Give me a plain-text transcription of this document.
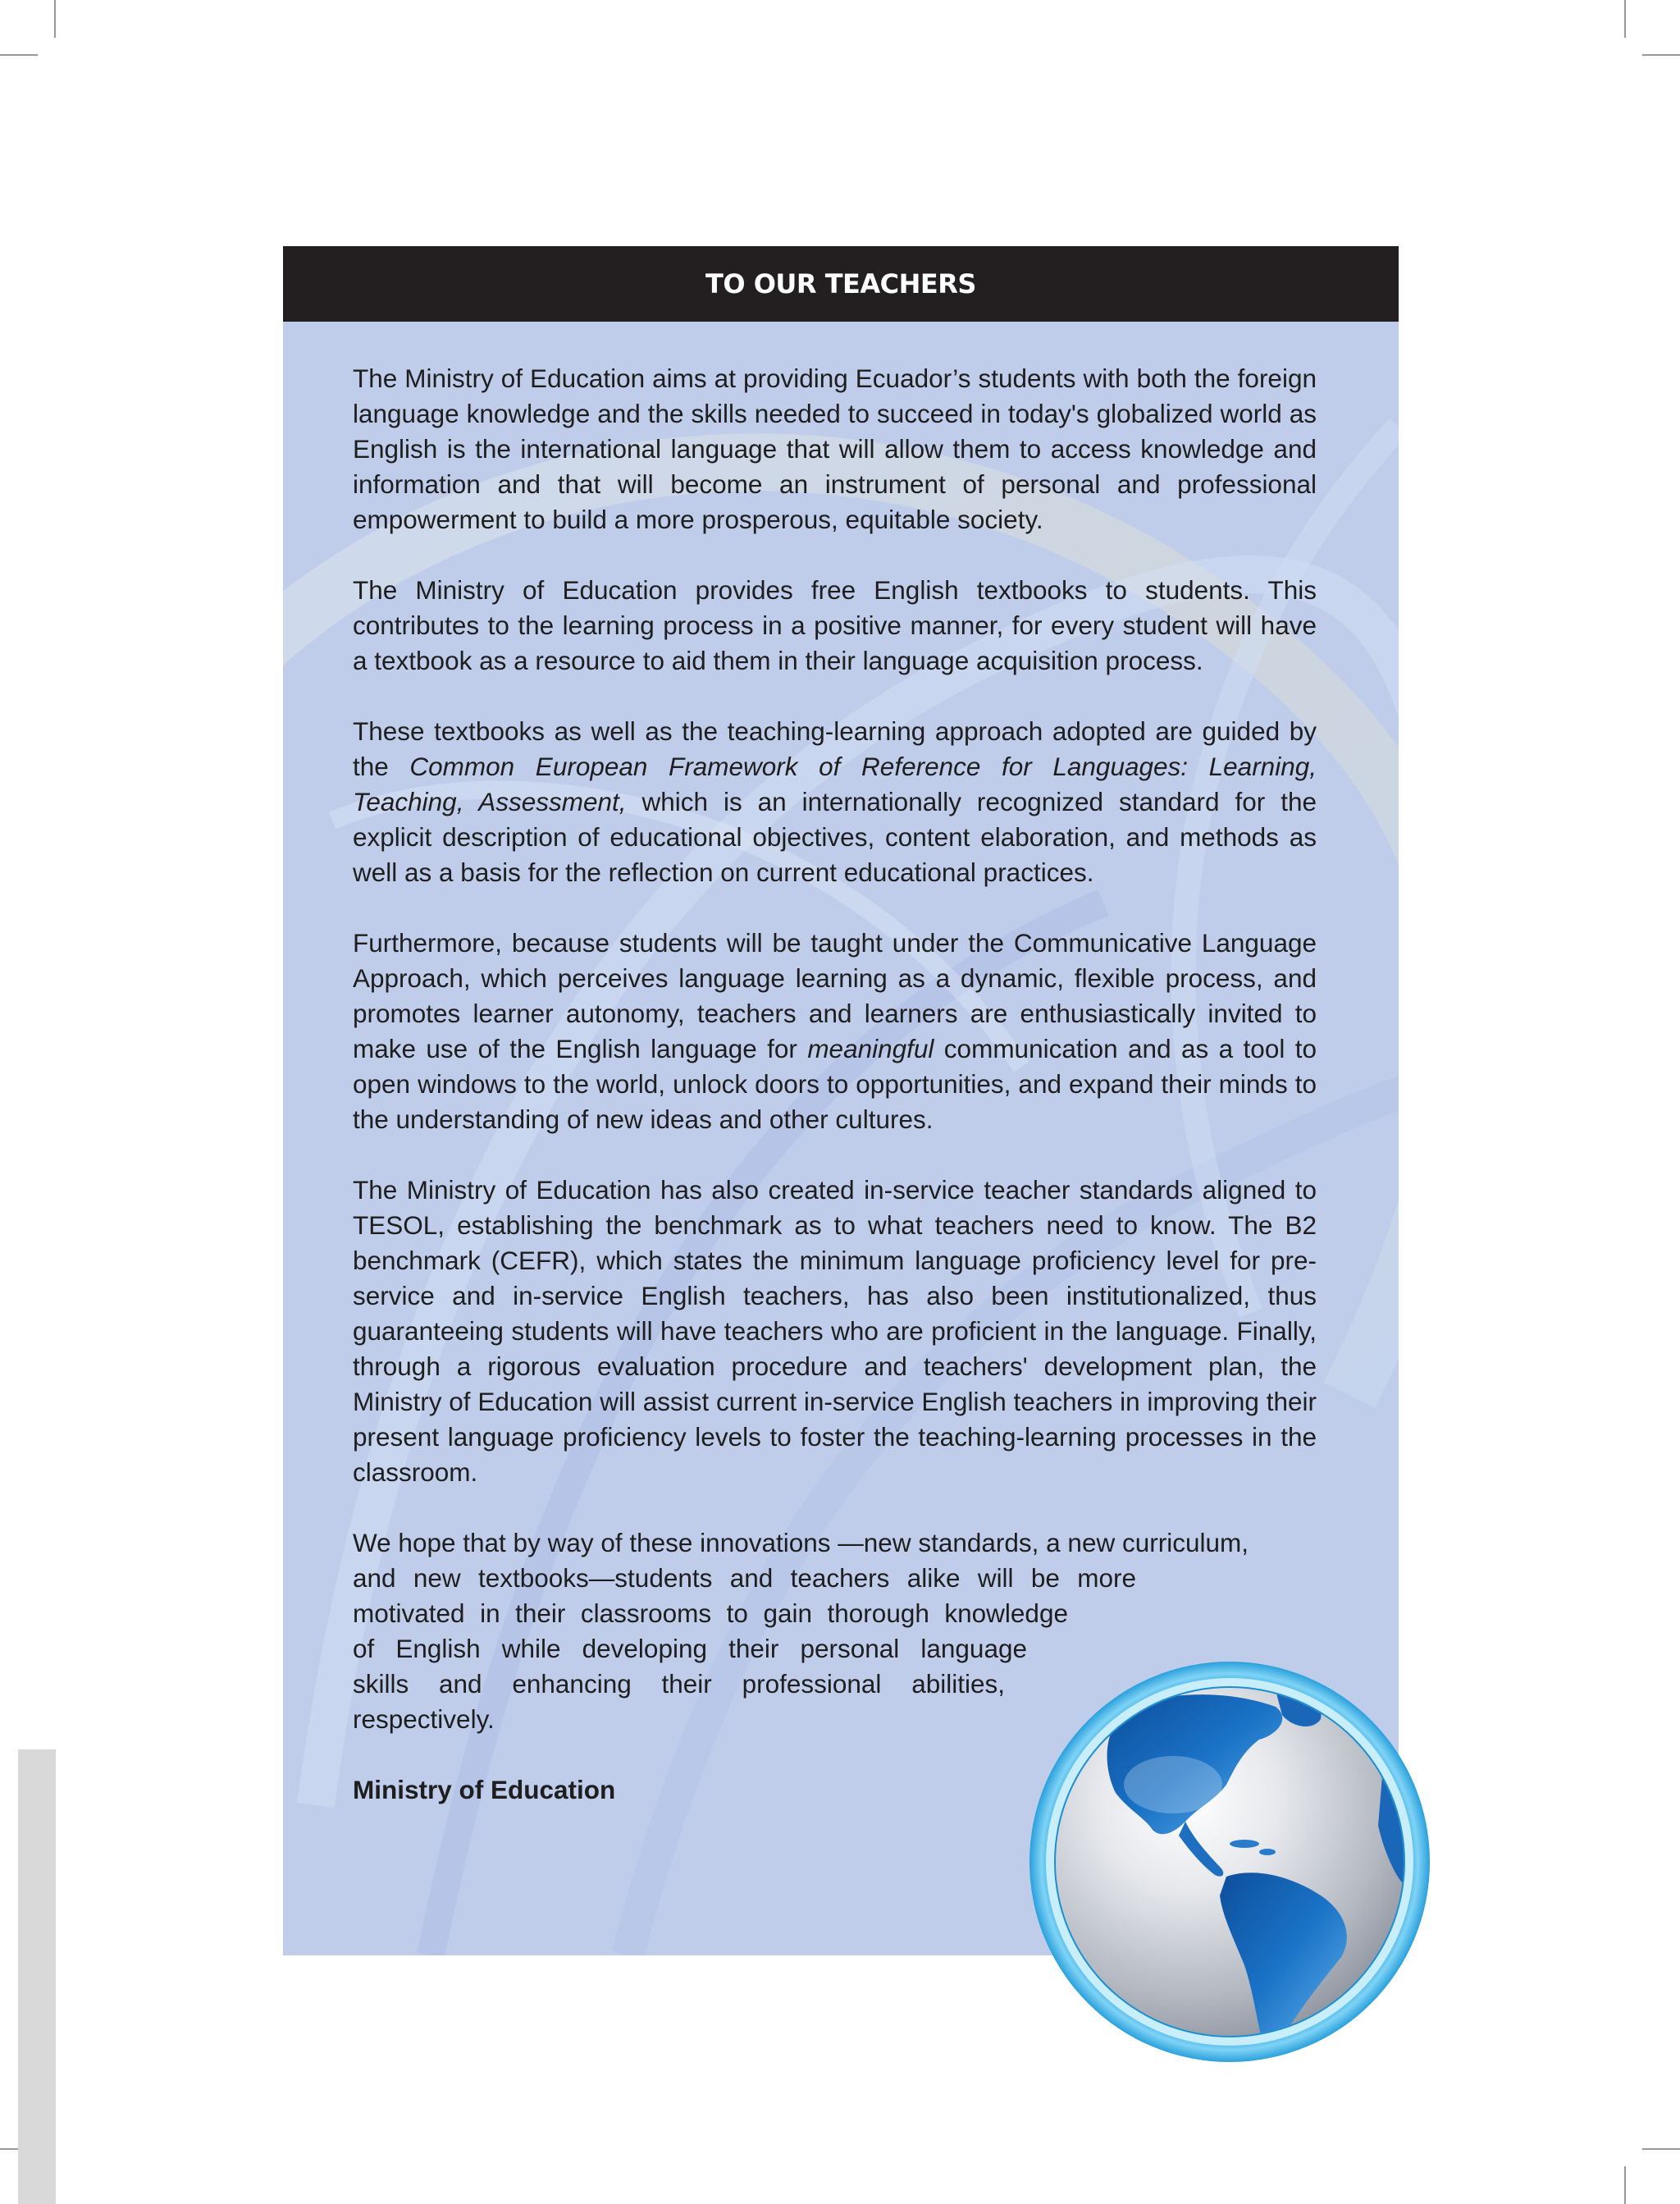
TO OUR TEACHERS

The Ministry of Education aims at providing Ecuador’s students with both the foreign language knowledge and the skills needed to succeed in today's globalized world as English is the international language that will allow them to access knowledge and information and that will become an instrument of personal and professional empowerment to build a more prosperous, equitable society.

The Ministry of Education provides free English textbooks to students. This contributes to the learning process in a positive manner, for every student will have a textbook as a resource to aid them in their language acquisition process.

These textbooks as well as the teaching-learning approach adopted are guided by the Common European Framework of Reference for Languages: Learning, Teaching, Assessment, which is an internationally recognized standard for the explicit description of educational objectives, content elaboration, and methods as well as a basis for the reflection on current educational practices.

Furthermore, because students will be taught under the Communicative Language Approach, which perceives language learning as a dynamic, flexible process, and promotes learner autonomy, teachers and learners are enthusiastically invited to make use of the English language for meaningful communication and as a tool to open windows to the world, unlock doors to opportunities, and expand their minds to the understanding of new ideas and other cultures.

The Ministry of Education has also created in-service teacher standards aligned to TESOL, establishing the benchmark as to what teachers need to know. The B2 benchmark (CEFR), which states the minimum language proficiency level for pre-service and in-service English teachers, has also been institutionalized, thus guaranteeing students will have teachers who are proficient in the language. Finally, through a rigorous evaluation procedure and teachers' development plan, the Ministry of Education will assist current in-service English teachers in improving their present language proficiency levels to foster the teaching-learning processes in the classroom.

We hope that by way of these innovations —new standards, a new curriculum,
and new textbooks—students and teachers alike will be more
motivated in their classrooms to gain thorough knowledge
of English while developing their personal language
skills and enhancing their professional abilities,
respectively.

Ministry of Education
